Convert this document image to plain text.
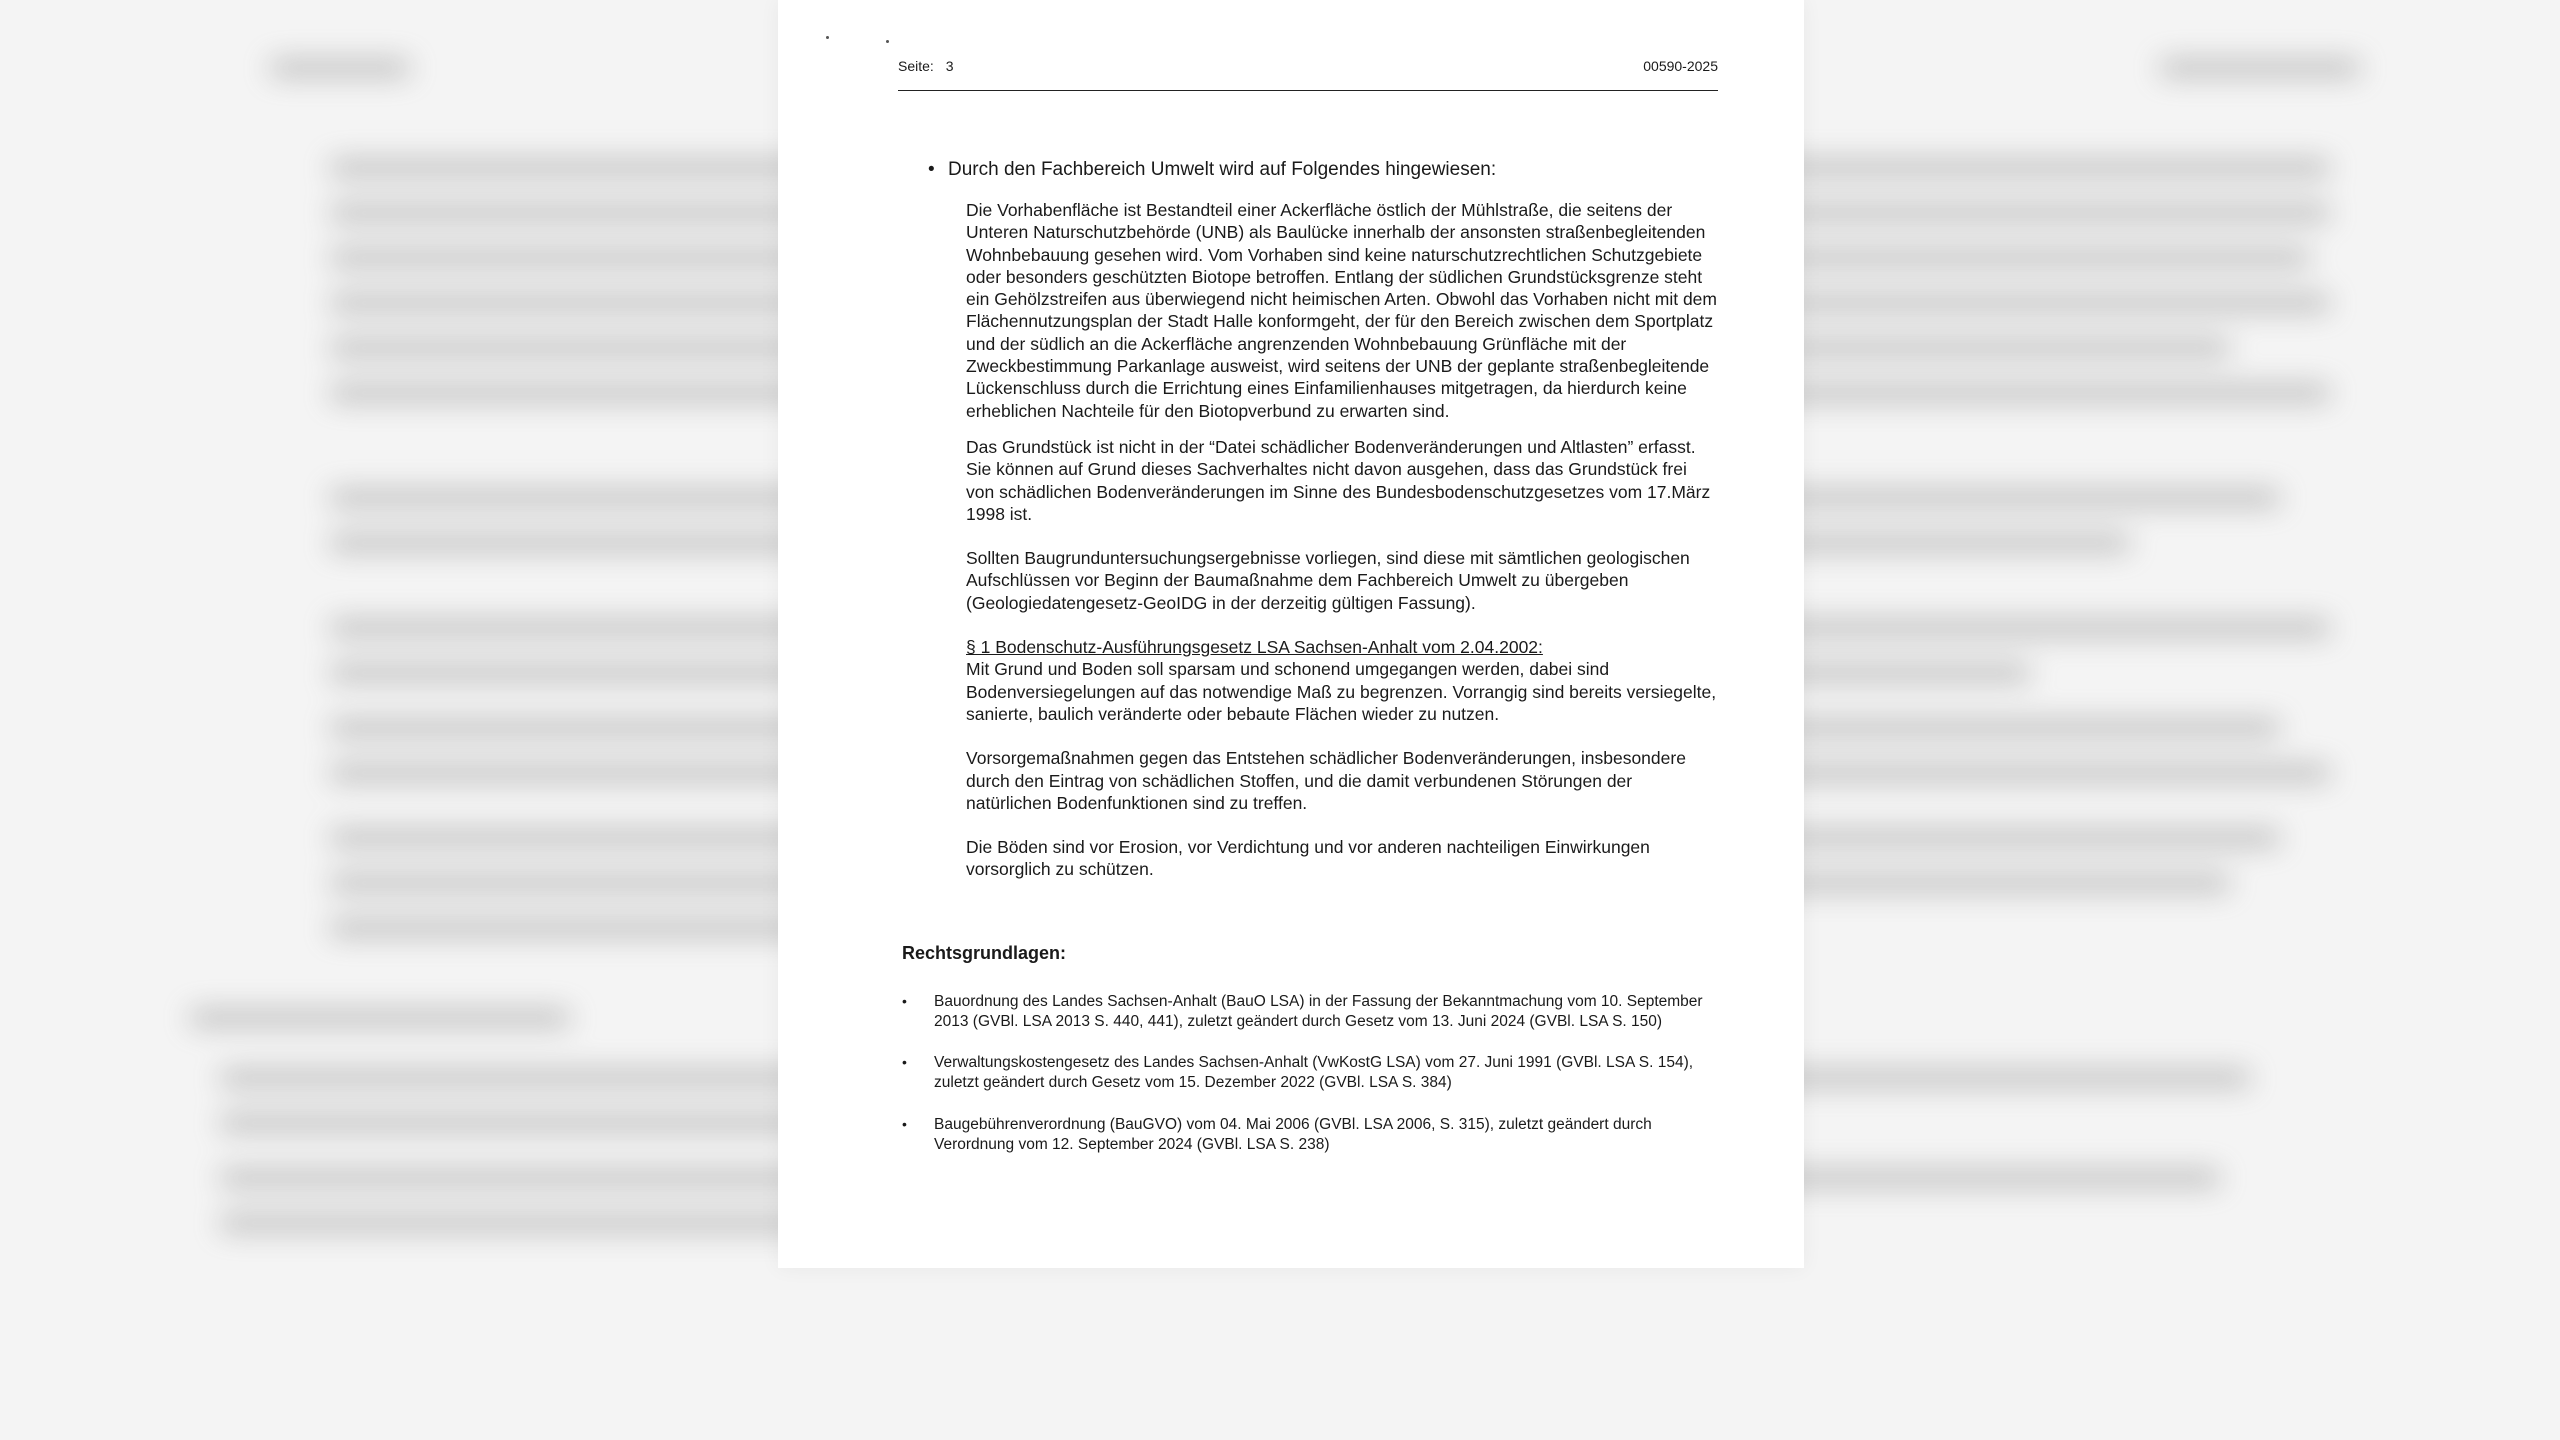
Seite: 3	00590-2025
• Durch den Fachbereich Umwelt wird auf Folgendes hingewiesen:

Die Vorhabenfläche ist Bestandteil einer Ackerfläche östlich der Mühlstraße, die seitens der Unteren Naturschutzbehörde (UNB) als Baulücke innerhalb der ansonsten straßenbegleitenden Wohnbebauung gesehen wird. Vom Vorhaben sind keine naturschutzrechtlichen Schutzgebiete oder besonders geschützten Biotope betroffen. Entlang der südlichen Grundstücksgrenze steht ein Gehölzstreifen aus überwiegend nicht heimischen Arten. Obwohl das Vorhaben nicht mit dem Flächennutzungsplan der Stadt Halle konformgeht, der für den Bereich zwischen dem Sportplatz und der südlich an die Ackerfläche angrenzenden Wohnbebauung Grünfläche mit der Zweckbestimmung Parkanlage ausweist, wird seitens der UNB der geplante straßenbegleitende Lückenschluss durch die Errichtung eines Einfamilienhauses mitgetragen, da hierdurch keine erheblichen Nachteile für den Biotopverbund zu erwarten sind.

Das Grundstück ist nicht in der “Datei schädlicher Bodenveränderungen und Altlasten” erfasst.

Sie können auf Grund dieses Sachverhaltes nicht davon ausgehen, dass das Grundstück frei von schädlichen Bodenveränderungen im Sinne des Bundesbodenschutzgesetzes vom 17.März 1998 ist.

Sollten Baugrunduntersuchungsergebnisse vorliegen, sind diese mit sämtlichen geologischen Aufschlüssen vor Beginn der Baumaßnahme dem Fachbereich Umwelt zu übergeben (Geologiedatengesetz-GeoIDG in der derzeitig gültigen Fassung).

§ 1 Bodenschutz-Ausführungsgesetz LSA Sachsen-Anhalt vom 2.04.2002:

Mit Grund und Boden soll sparsam und schonend umgegangen werden, dabei sind Bodenversiegelungen auf das notwendige Maß zu begrenzen. Vorrangig sind bereits versiegelte, sanierte, baulich veränderte oder bebaute Flächen wieder zu nutzen.

Vorsorgemaßnahmen gegen das Entstehen schädlicher Bodenveränderungen, insbesondere durch den Eintrag von schädlichen Stoffen, und die damit verbundenen Störungen der natürlichen Bodenfunktionen sind zu treffen.

Die Böden sind vor Erosion, vor Verdichtung und vor anderen nachteiligen Einwirkungen vorsorglich zu schützen.

Rechtsgrundlagen:
•	Bauordnung des Landes Sachsen-Anhalt (BauO LSA) in der Fassung der Bekanntmachung vom 10. September 2013 (GVBl. LSA 2013 S. 440, 441), zuletzt geändert durch Gesetz vom 13. Juni 2024 (GVBl. LSA S. 150)
•	Verwaltungskostengesetz des Landes Sachsen-Anhalt (VwKostG LSA) vom 27. Juni 1991 (GVBl. LSA S. 154), zuletzt geändert durch Gesetz vom 15. Dezember 2022 (GVBl. LSA S. 384)
•	Baugebührenverordnung (BauGVO) vom 04. Mai 2006 (GVBl. LSA 2006, S. 315), zuletzt geändert durch Verordnung vom 12. September 2024 (GVBl. LSA S. 238)
